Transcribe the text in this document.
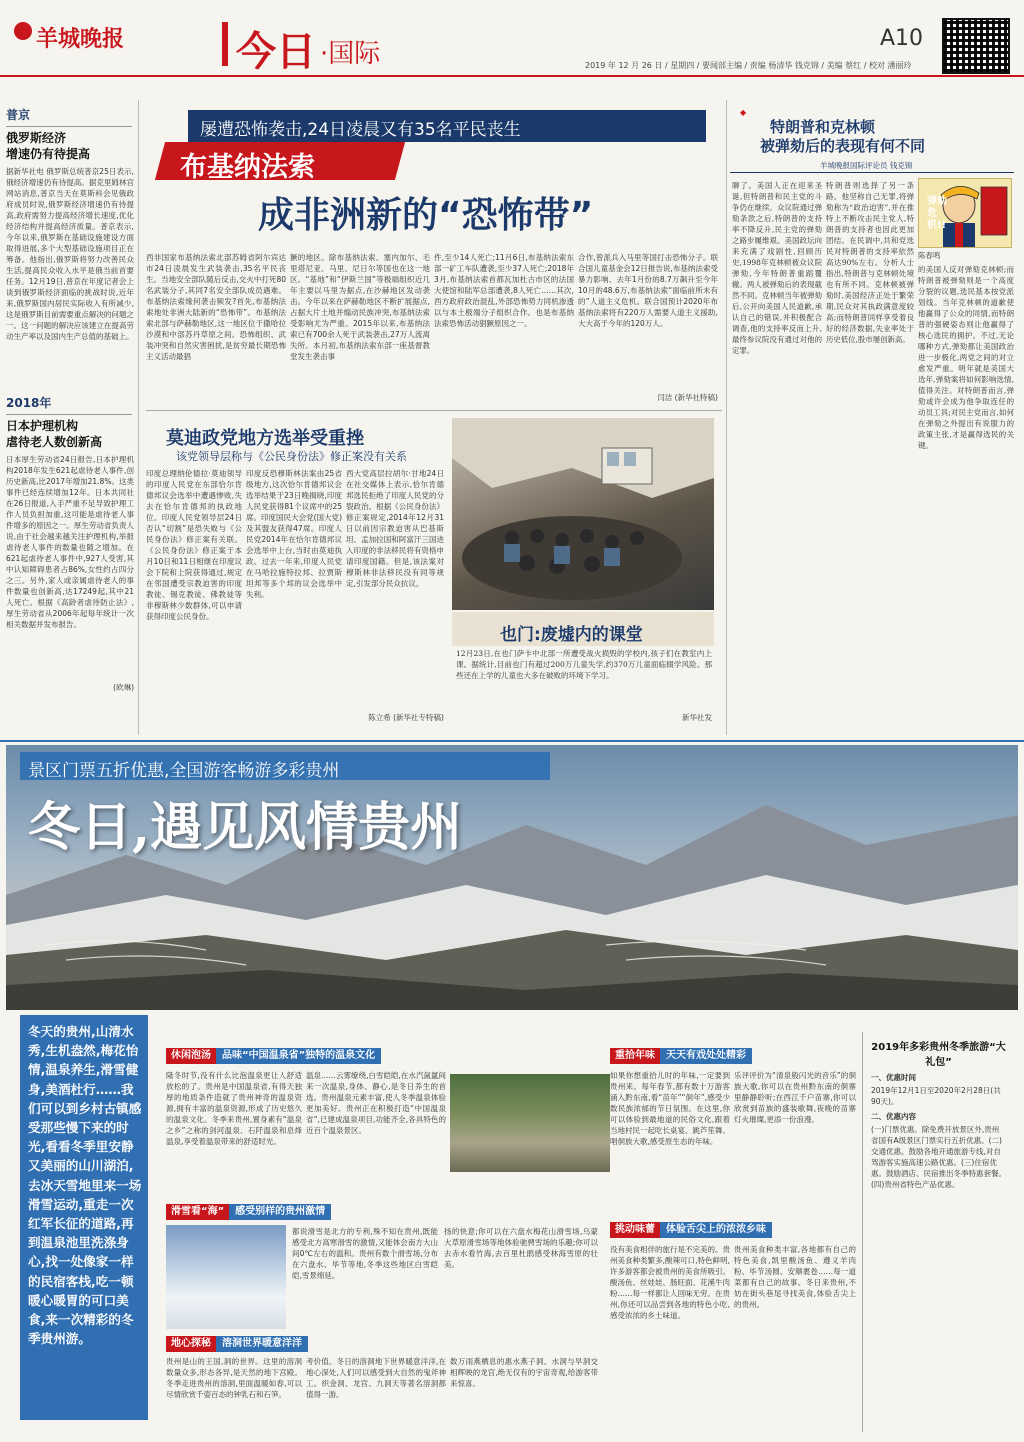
羊城晚报	今日 ·国际
A10
2019 年 12 月 26 日 / 星期四 / 要闻部主编 / 责编 杨清华 钱克锦 / 美编 蔡红 / 校对 潘丽玲
普京
俄罗斯经济
增速仍有待提高
据新华社电 俄罗斯总统普京25日表示,俄经济增速仍有待提高。据克里姆林宫网站消息,普京当天在莫斯科会见俄政府成员时说,俄罗斯经济增速仍有待提高,政府需努力提高经济增长速度,优化经济结构并提高经济质量。普京表示,今年以来,俄罗斯在基础设施建设方面取得进展,多个大型基础设施项目正在筹备。他指出,俄罗斯将努力改善民众生活,提高民众收入水平是俄当前首要任务。12月19日,普京在年度记者会上谈到俄罗斯经济面临的挑战时说,近年来,俄罗斯国内居民实际收入有所减少,这是俄罗斯目前需要重点解决的问题之一。这一问题的解决应该建立在提高劳动生产率以及国内生产总值的基础上。
2018年
日本护理机构
虐待老人数创新高
日本厚生劳动省24日报告,日本护理机构2018年发生621起虐待老人事件,创历史新高,比2017年增加21.8%。这类事件已经连续增加12年。日本共同社在26日报道,入手严重不足导致护理工作人员负担加重,这可能是虐待老人事件增多的原因之一。厚生劳动省负责人说,由于社会越来越关注护理机构,举报虐待老人事件的数量也随之增加。在621起虐待老人事件中,927人受害,其中认知障碍患者占86%,女性约占四分之三。另外,家人或亲属虐待老人的事件数量也创新高,达17249起,其中21人死亡。根据《高龄者虐待防止法》,厚生劳动省从2006年起每年统计一次相关数据并发布报告。
(欧琳)
屡遭恐怖袭击,24日凌晨又有35名平民丧生
布基纳法索
成非洲新的“恐怖带”
西非国家布基纳法索北部苏姆省阿尔宾达市24日凌晨发生武装袭击,35名平民丧生。当地安全部队随后反击,交火中打死80名武装分子,其同7名安全部队成员遇难。布基纳法索缘何袭击频发?首先,布基纳法索地处非洲大陆新的“恐怖带”。布基纳法索北部与萨赫勒地区,这一地区位于撒哈拉沙漠和中部苏丹草原之间。恐怖组织、武装冲突和自然灾害困扰,是贫穷最长期恐怖主义活动最猖
獗的地区。除布基纳法索、塞内加尔、毛里塔尼亚、马里、尼日尔等国也在这一地区。“基地”和“伊斯兰国”等极端组织近几年主要以马里为据点,在沙赫地区发动袭击。今年以来在萨赫勒地区不断扩展据点,占据大片土地并煽动民族冲突,布基纳法索受影响尤为严重。2015年以来,布基纳法索已有700余人死于武装袭击,27万人流离失所。本月初,布基纳法索东部一座基督教堂发生袭击事
件,至少14人死亡;11月6日,布基纳法索东部一矿工车队遭袭,至少37人死亡;2018年3月,布基纳法索首都瓦加杜古市区的法国大使馆和陆军总部遭袭,8人死亡……其次,西方政府政治混乱,外部恐怖势力同机渗透以与本土极端分子组织合作。也是布基纳法索恐怖活动猖獗原因之一。
合作,曾派兵入马里等国打击恐怖分子。联合国儿童基金会12日报告说,布基纳法索受暴力影响、去年1月份的8.7万飙升至今年10月的48.6万,布基纳法索“面临前所未有的”人道主义危机。联合国预计2020年布基纳法索将有220万人需要人道主义援助,大大高于今年的120万人。
闫洁 (新华社特稿)
◆
特朗普和克林顿
被弹劾后的表现有何不同
羊城晚报国际评论员 钱克锦
弹劾危机!!
陈春鸣
聊了。美国人正在迎来圣诞,但特朗普和民主党的斗争仍在继续。众议院通过弹劾条款之后,特朗普的支持率不降反升,民主党的弹劾之路步履维艰。美国政坛向来充满了戏剧性,回顾历史,1998年克林顿被众议院弹劾,今年特朗普重蹈覆辙。两人被弹劾后的表现截然不同。克林顿当年被弹劾后,公开向美国人民道歉,承认自己的错误,并积极配合调查,他的支持率反而上升,最终参议院没有通过对他的定罪。
特朗普则选择了另一条路。他坚称自己无罪,将弹劾称为“政治迫害”,并在推特上不断攻击民主党人,特朗普的支持者也因此更加团结。在民调中,共和党选民对特朗普的支持率依然高达90%左右。分析人士指出,特朗普与克林顿处境也有所不同。克林顿被弹劾时,美国经济正处于繁荣期,民众对其执政满意度较高;而特朗普同样享受着良好的经济数据,失业率处于历史低位,股市屡创新高。
的美国人反对弹劾克林顿;而特朗普被弹劾则是一个高度分裂的议题,选民基本按党派划线。当年克林顿的道歉使他赢得了公众的同情,而特朗普的强硬姿态则让他赢得了核心选民的拥护。不过,无论哪种方式,弹劾都让美国政治进一步极化,两党之间的对立愈发严重。明年就是美国大选年,弹劾案将如何影响选情,值得关注。对特朗普而言,弹劾或许会成为他争取连任的动员工具;对民主党而言,如何在弹劾之外提出有说服力的政策主张,才是赢得选民的关键。
莫迪政党地方选举受重挫
该党领导层称与《公民身份法》修正案没有关系
印度总理纳伦德拉·莫迪领导的印度人民党在东部恰尔肯德邦议会选举中遭遇惨败,失去在恰尔肯德邦的执政地位。印度人民党领导层24日否认“切割”是恐失败与《公民身份法》修正案有关联。《公民身份法》修正案于本月10日和11日相继在印度议会下院和上院获得通过,规定在邻国遭受宗教迫害的印度教徒、锡克教徒、佛教徒等非穆斯林少数群体,可以申请获得印度公民身份。
印度反恐穆斯林法案由25省级地方,这次恰尔肯德邦议会选举结果于23日晚揭晓,印度人民党获得81个议席中的25席。印度国民大会党(国大党)及其盟友获得47席。印度人民党2014年在恰尔肯德邦议会选举中上台,当时由莫迪执政。过去一年来,印度人民党在马哈拉施特拉邦、拉贾斯坦邦等多个邦的议会选举中失利。
西大党高层拉胡尔·甘地24日在社交媒体上表示,恰尔肯德邦选民拒绝了印度人民党的分裂政治。根据《公民身份法》修正案规定,2014年12月31日以前因宗教迫害从巴基斯坦、孟加拉国和阿富汗三国进入印度的非法移民将有资格申请印度国籍。但是,该法案对穆斯林非法移民没有同等规定,引发部分民众抗议。
陈立希 (新华社专特稿)
也门:废墟内的课堂
12月23日,在也门萨卡中北部一所遭受战火损毁的学校内,孩子们在教室内上课。据统计,目前也门有超过200万儿童失学,约370万儿童面临辍学风险。那些还在上学的儿童也大多在破败的环境下学习。
新华社发
景区门票五折优惠,全国游客畅游多彩贵州
冬日,遇见风情贵州
冬天的贵州,山清水秀,生机盎然,梅花怡情,温泉养生,滑雪健身,美酒杜行……我们可以到乡村古镇感受那些慢下来的时光,看看冬季里安静又美丽的山川湖泊,去冰天雪地里来一场滑雪运动,重走一次红军长征的道路,再到温泉池里洗涤身心,找一处像家一样的民宿客栈,吃一顿暖心暖胃的可口美食,来一次精彩的冬季贵州游。
休闲泡汤	品味“中国温泉省”独特的温泉文化
隆冬时节,没有什么比泡温泉更让人舒适放松的了。贵州是中国温泉省,有得天独厚的地质条件造就了贵州神奇的温泉资源,拥有丰富的温泉资源,形成了历史悠久的温泉文化。冬季来贵州,置身素有“温泉之乡”之称的剑河温泉、石阡温泉和息烽温泉,享受着温泉带来的舒适时光。
温泉……云雾缭绕,白雪皑皑,在水汽氤氲间来一次温泉,身体、静心,是冬日养生的首选。贵州温泉元素丰富,使人冬季温泉体验更加美好。贵州正在积极打造“中国温泉省”,已建成温泉项目,功能齐全,各具特色的近百个温泉景区。
重拾年味	天天有戏处处精彩
如果你想重拾儿时的年味,一定要到贵州来。每年春节,都有数十万游客涌入黔东南,看“苗年”“侗年”,感受少数民族浓郁的节日氛围。在这里,你可以体验到最地道的民俗文化,跟着当地村民一起吃长桌宴、跳芦笙舞、唱侗族大歌,感受原生态的年味。
乐评评价为“清泉般闪光的音乐”的侗族大歌,你可以在贵州黔东南的侗寨里静静聆听;在西江千户苗寨,你可以欣赏到苗族的盛装歌舞,夜晚的苗寨灯火璀璨,更添一份浪漫。
滑雪看“海”	感受别样的贵州激情
都说滑雪是北方的专利,殊不知在贵州,既能感受北方高寒滑雪的激情,又能体会南方大山间0℃左右的温和。贵州有数个滑雪场,分布在六盘水、毕节等地,冬季这些地区白雪皑皑,雪景绵延。
扬的快意;你可以在六盘水梅花山滑雪场,乌蒙大草原滑雪场等地体验驰骋雪场的乐趣;你可以去赤水看竹海,去百里杜鹃感受林海雪原的壮美。
地心探秘	溶洞世界暖意洋洋
贵州是山的王国,洞的世界。这里的溶洞数量众多,形态各异,是天然的地下宫殿。冬季走进贵州的溶洞,里面温暖如春,可以尽情欣赏千姿百态的钟乳石和石笋。
考价值。冬日的溶洞地下世界暖意洋洋,在地心深处,人们可以感受到大自然的鬼斧神工。织金洞、龙宫、九洞天等著名溶洞都值得一游。
数万雨燕栖息的惠水燕子洞、水洞与旱洞交相辉映的龙宫,绝无仅有的宇宙奇观,给游客带来惊喜。
挑动味蕾	体验舌尖上的浓浓乡味
没有美食相伴的旅行是不完美的。贵州美食种类繁多,酸辣可口,特色鲜明,许多游客都会被贵州的美食所吸引。酸汤鱼、丝娃娃、肠旺面、花溪牛肉粉……每一样都让人回味无穷。在贵州,你还可以品尝到各地的特色小吃,感受浓浓的乡土味道。
贵州美食种类丰富,各地都有自己的特色美食,凯里酸汤鱼、遵义羊肉粉、毕节汤圆、安顺裹卷……每一道菜都有自己的故事。冬日来贵州,不妨在街头巷尾寻找美食,体验舌尖上的贵州。
2019年多彩贵州冬季旅游“大礼包”
一、优惠时间
2019年12月1日至2020年2月28日(共90天)。
二、优惠内容
(一)门票优惠。除免费开放景区外,贵州省国有A级景区门票实行五折优惠。(二)交通优惠。鼓励各地开通旅游专线,对自驾游客实施高速公路优惠。(三)住宿优惠。鼓励酒店、民宿推出冬季特惠套餐。(四)贵州省特色产品优惠。
